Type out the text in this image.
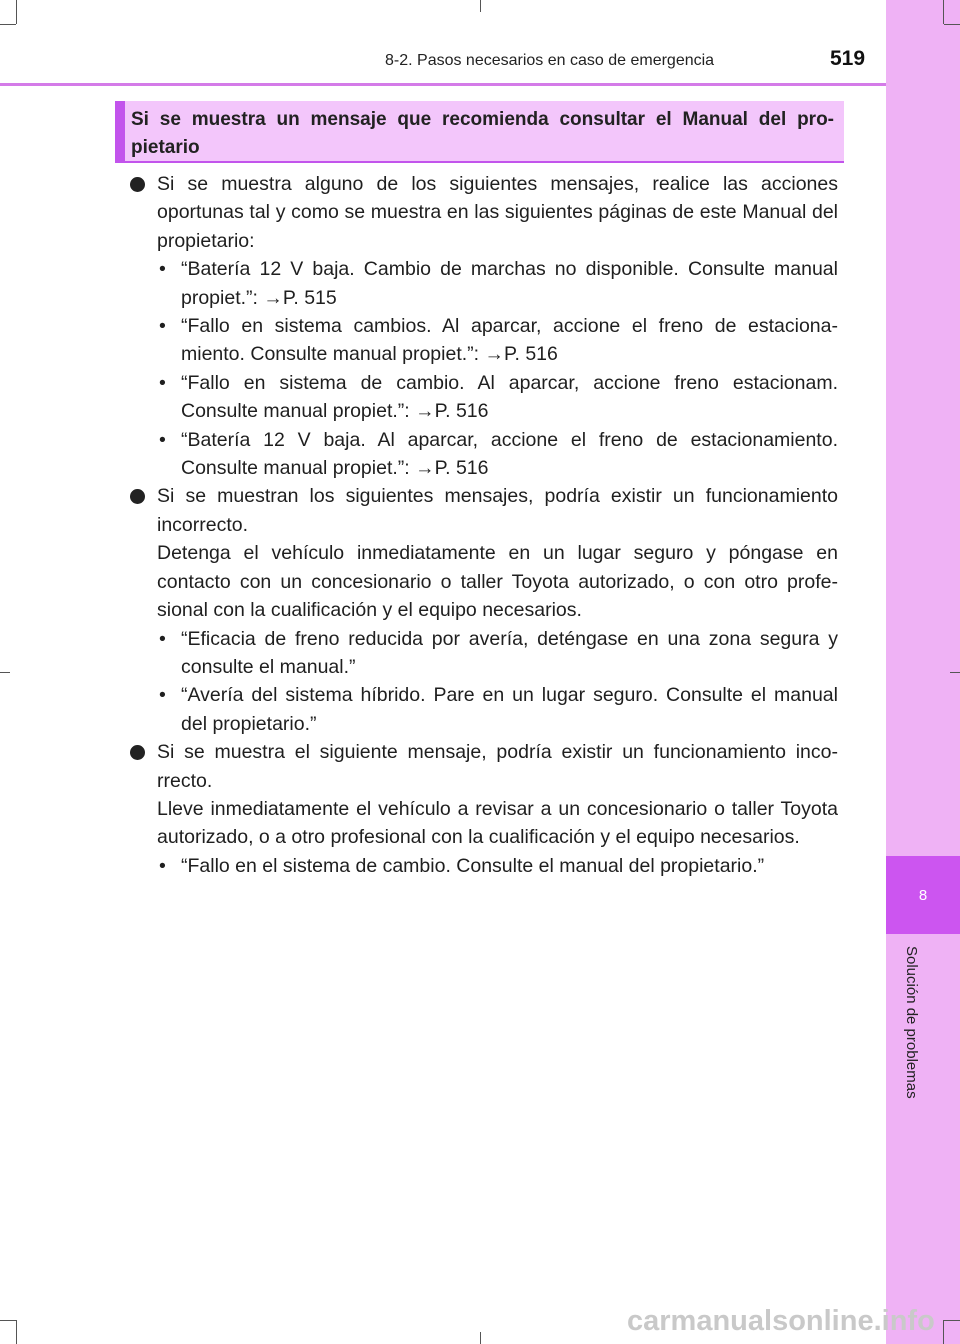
8
Solución de problemas
8-2. Pasos necesarios en caso de emergencia	519
Si se muestra un mensaje que recomienda consultar el Manual del pro-pietario

Si se muestra alguno de los siguientes mensajes, realice las acciones oportunas tal y como se muestra en las siguientes páginas de este Manual del propietario:

• “Batería 12 V baja. Cambio de marchas no disponible. Consulte manual propiet.”: →P. 515
• “Fallo en sistema cambios. Al aparcar, accione el freno de estaciona-miento. Consulte manual propiet.”: →P. 516
• “Fallo en sistema de cambio. Al aparcar, accione freno estacionam. Consulte manual propiet.”: →P. 516
• “Batería 12 V baja. Al aparcar, accione el freno de estacionamiento. Consulte manual propiet.”: →P. 516

Si se muestran los siguientes mensajes, podría existir un funcionamiento incorrecto.

Detenga el vehículo inmediatamente en un lugar seguro y póngase en contacto con un concesionario o taller Toyota autorizado, o con otro profe-sional con la cualificación y el equipo necesarios.

• “Eficacia de freno reducida por avería, deténgase en una zona segura y consulte el manual.”
• “Avería del sistema híbrido. Pare en un lugar seguro. Consulte el manual del propietario.”

Si se muestra el siguiente mensaje, podría existir un funcionamiento inco-rrecto.

Lleve inmediatamente el vehículo a revisar a un concesionario o taller Toyota autorizado, o a otro profesional con la cualificación y el equipo necesarios.

• “Fallo en el sistema de cambio. Consulte el manual del propietario.”
carmanualsonline.info
